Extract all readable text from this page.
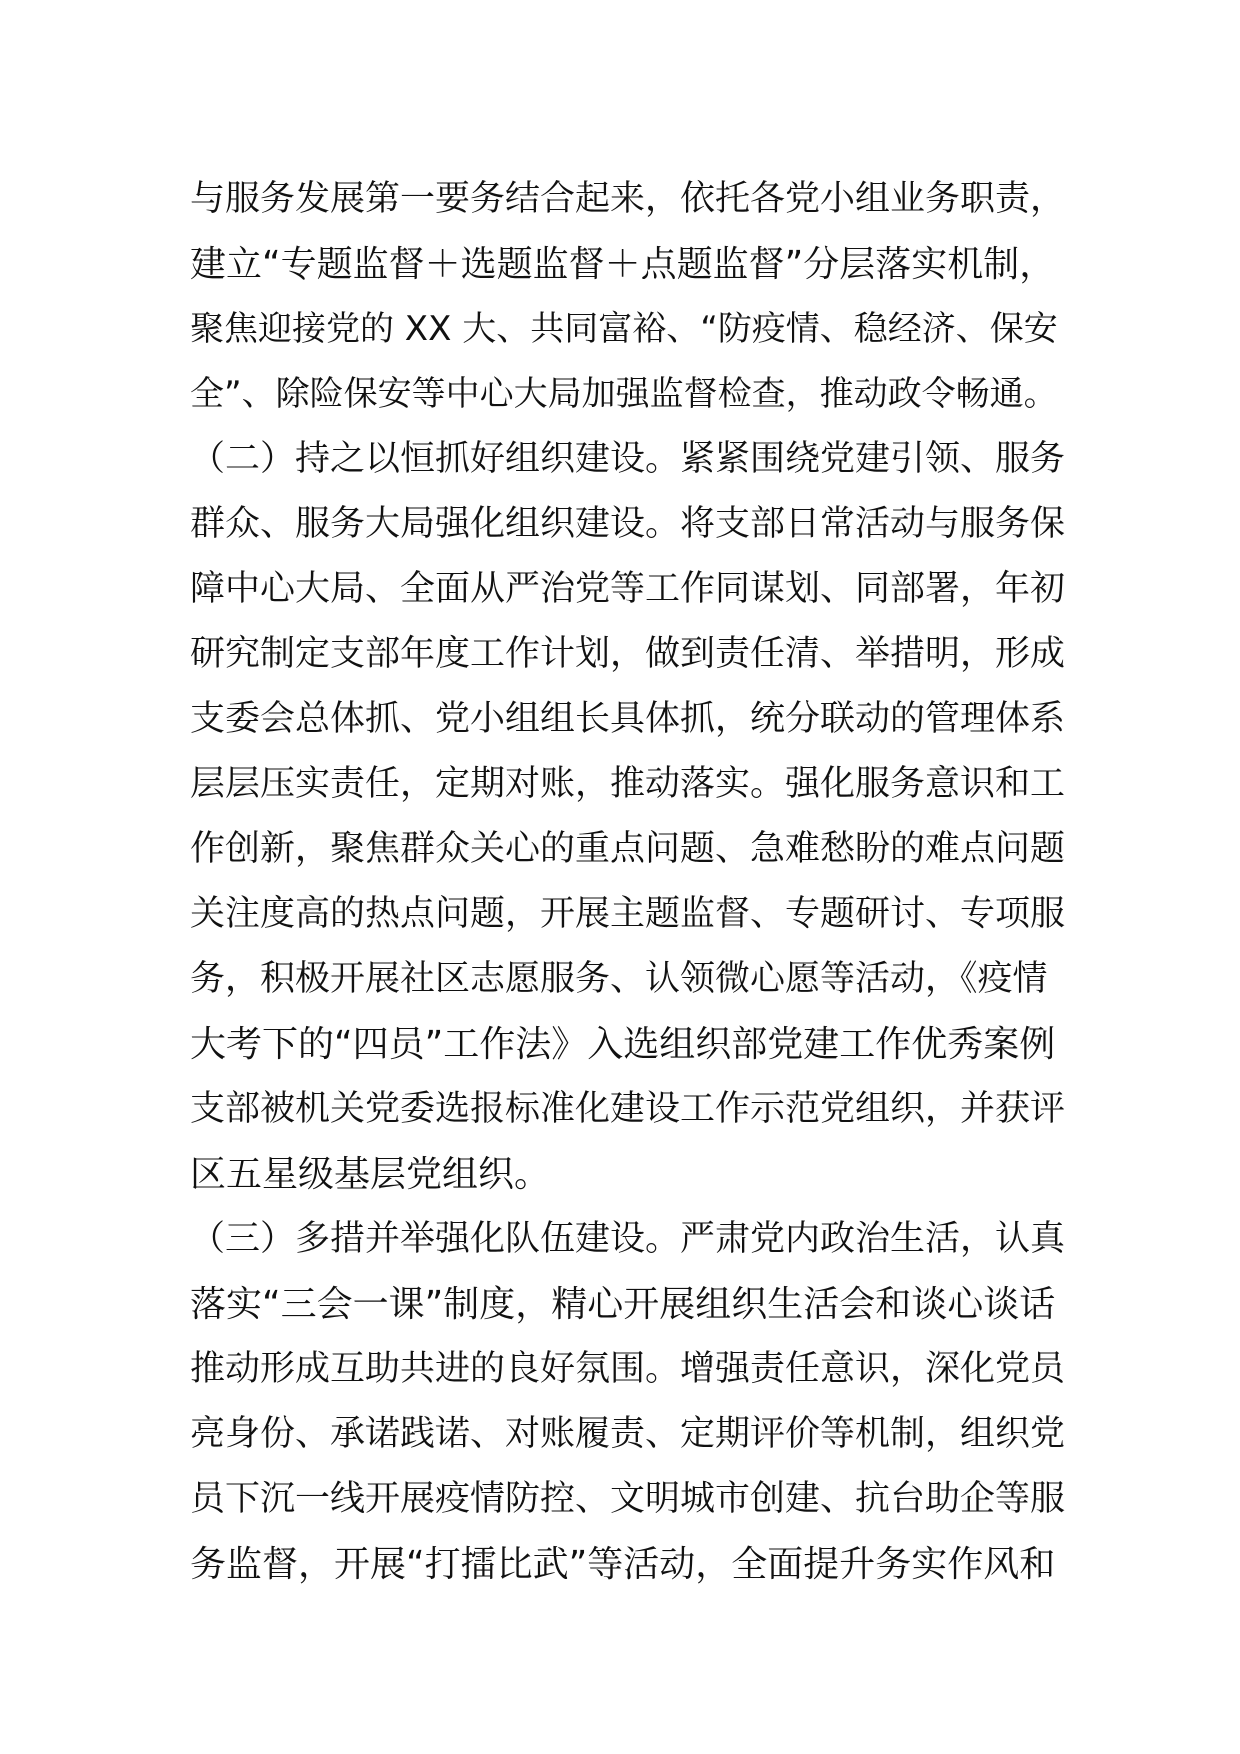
与服务发展第一要务结合起来，依托各党小组业务职责，
建立“专题监督＋选题监督＋点题监督”分层落实机制，
聚焦迎接党的 XX 大、共同富裕、“防疫情、稳经济、保安
全”、除险保安等中心大局加强监督检查，推动政令畅通。
（二）持之以恒抓好组织建设。紧紧围绕党建引领、服务
群众、服务大局强化组织建设。将支部日常活动与服务保
障中心大局、全面从严治党等工作同谋划、同部署，年初
研究制定支部年度工作计划，做到责任清、举措明，形成
支委会总体抓、党小组组长具体抓，统分联动的管理体系
层层压实责任，定期对账，推动落实。强化服务意识和工
作创新，聚焦群众关心的重点问题、急难愁盼的难点问题
关注度高的热点问题，开展主题监督、专题研讨、专项服
务，积极开展社区志愿服务、认领微心愿等活动，《疫情
大考下的“四员”工作法》入选组织部党建工作优秀案例
支部被机关党委选报标准化建设工作示范党组织，并获评
区五星级基层党组织。
（三）多措并举强化队伍建设。严肃党内政治生活，认真
落实“三会一课”制度，精心开展组织生活会和谈心谈话
推动形成互助共进的良好氛围。增强责任意识，深化党员
亮身份、承诺践诺、对账履责、定期评价等机制，组织党
员下沉一线开展疫情防控、文明城市创建、抗台助企等服
务监督，开展“打擂比武”等活动，全面提升务实作风和
